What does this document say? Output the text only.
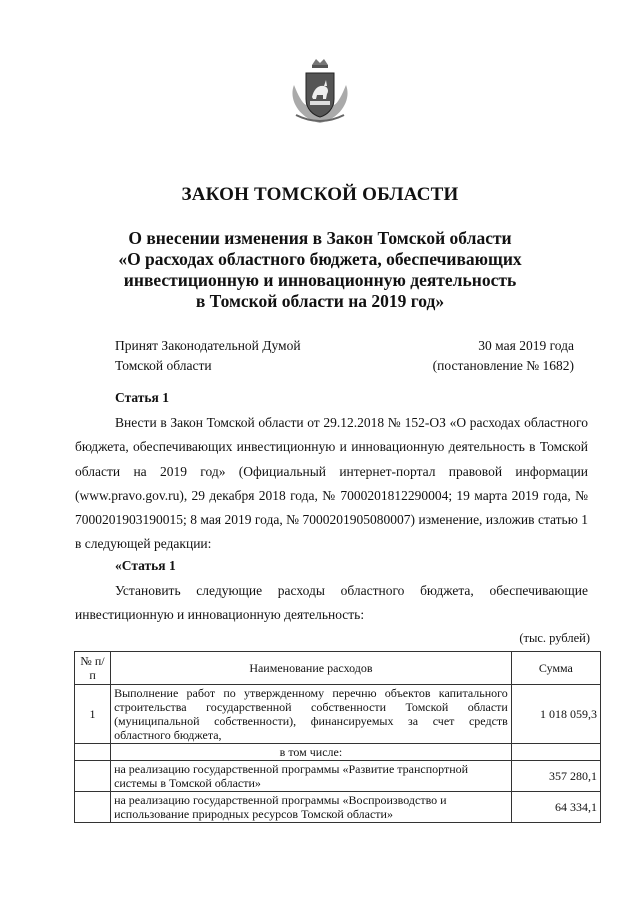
ЗАКОН ТОМСКОЙ ОБЛАСТИ
О внесении изменения в Закон Томской области
«О расходах областного бюджета, обеспечивающих
инвестиционную и инновационную деятельность
в Томской области на 2019 год»
Принят Законодательной Думой
Томской области
30 мая 2019 года
(постановление № 1682)
Статья 1
Внести в Закон Томской области от 29.12.2018 № 152-ОЗ «О расходах областного бюджета, обеспечивающих инвестиционную и инновационную деятельность в Томской области на 2019 год» (Официальный интернет-портал правовой информации (www.pravo.gov.ru), 29 декабря 2018 года, № 7000201812290004; 19 марта 2019 года, № 7000201903190015; 8 мая 2019 года, № 7000201905080007) изменение, изложив статью 1 в следующей редакции:
«Статья 1
Установить следующие расходы областного бюджета, обеспечивающие инвестиционную и инновационную деятельность:
(тыс. рублей)
№ п/п	Наименование расходов	Сумма
1	Выполнение работ по утвержденному перечню объектов капитального строительства государственной собственности Томской области (муниципальной собственности), финансируемых за счет средств областного бюджета,	1 018 059,3
	в том числе:	
	на реализацию государственной программы «Развитие транспортной системы в Томской области»	357 280,1
	на реализацию государственной программы «Воспроизводство и использование природных ресурсов Томской области»	64 334,1
